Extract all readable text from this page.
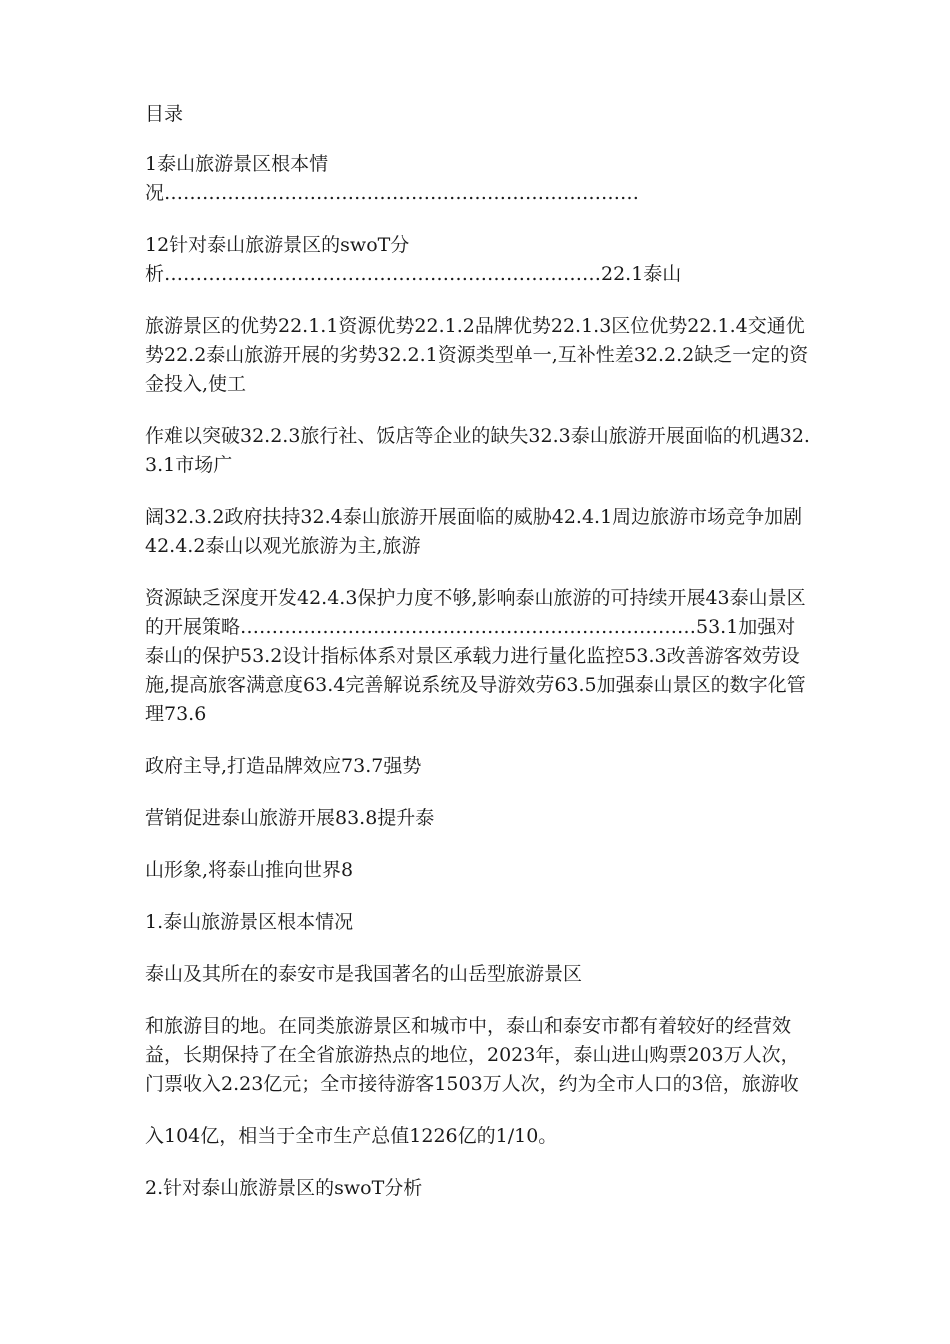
目录

1泰山旅游景区根本情况…………………………………………………………………

12针对泰山旅游景区的swoT分析……………………………………………………………22.1泰山

旅游景区的优势22.1.1资源优势22.1.2品牌优势22.1.3区位优势22.1.4交通优势22.2泰山旅游开展的劣势32.2.1资源类型单一,互补性差32.2.2缺乏一定的资金投入,使工

作难以突破32.2.3旅行社、饭店等企业的缺失32.3泰山旅游开展面临的机遇32.3.1市场广

阔32.3.2政府扶持32.4泰山旅游开展面临的威胁42.4.1周边旅游市场竞争加剧42.4.2泰山以观光旅游为主,旅游

资源缺乏深度开发42.4.3保护力度不够,影响泰山旅游的可持续开展43泰山景区的开展策略………………………………………………………………53.1加强对泰山的保护53.2设计指标体系对景区承载力进行量化监控53.3改善游客效劳设施,提高旅客满意度63.4完善解说系统及导游效劳63.5加强泰山景区的数字化管理73.6

政府主导,打造品牌效应73.7强势

营销促进泰山旅游开展83.8提升泰

山形象,将泰山推向世界8

1.泰山旅游景区根本情况

泰山及其所在的泰安市是我国著名的山岳型旅游景区

和旅游目的地。在同类旅游景区和城市中，泰山和泰安市都有着较好的经营效益，长期保持了在全省旅游热点的地位，2023年，泰山进山购票203万人次，门票收入2.23亿元；全市接待游客1503万人次，约为全市人口的3倍，旅游收

入104亿，相当于全市生产总值1226亿的1/10。

2.针对泰山旅游景区的swoT分析
